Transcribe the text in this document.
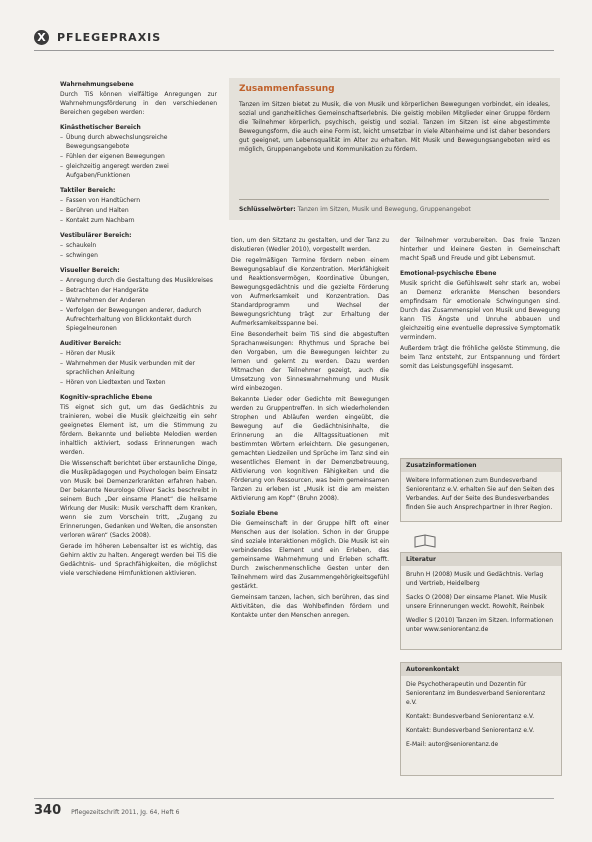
X PFLEGEPRAXIS
Wahrnehmungsebene

Durch TiS können vielfältige Anregungen zur Wahrnehmungsförderung in den verschiedenen Bereichen gegeben werden:

Kinästhetischer Bereich
– Übung durch abwechslungsreiche Bewegungsangebote
– Fühlen der eigenen Bewegungen
– gleichzeitig angeregt werden zwei Aufgaben/Funktionen
Taktiler Bereich:
– Fassen von Handtüchern
– Berühren und Halten
– Kontakt zum Nachbarn
Vestibulärer Bereich:
– schaukeln
– schwingen
Visueller Bereich:
– Anregung durch die Gestaltung des Musikkreises
– Betrachten der Handgeräte
– Wahrnehmen der Anderen
– Verfolgen der Bewegungen anderer, dadurch Aufrechterhaltung von Blickkontakt durch Spiegelneuronen
Auditiver Bereich:
– Hören der Musik
– Wahrnehmen der Musik verbunden mit der sprachlichen Anleitung
– Hören von Liedtexten und Texten
Kognitiv-sprachliche Ebene

TiS eignet sich gut, um das Gedächtnis zu trainieren, wobei die Musik gleichzeitig ein sehr geeignetes Element ist, um die Stimmung zu fördern. Bekannte und beliebte Melodien werden inhaltlich aktiviert, sodass Erinnerungen wach werden.

Die Wissenschaft berichtet über erstaunliche Dinge, die Musikpädagogen und Psychologen beim Einsatz von Musik bei Demenzerkrankten erfahren haben. Der bekannte Neurologe Oliver Sacks beschreibt in seinem Buch „Der einsame Planet“ die heilsame Wirkung der Musik: Musik verschafft dem Kranken, wenn sie zum Vorschein tritt, „Zugang zu Erinnerungen, Gedanken und Welten, die ansonsten verloren wären“ (Sacks 2008).

Gerade im höheren Lebensalter ist es wichtig, das Gehirn aktiv zu halten. Angeregt werden bei TiS die Gedächtnis- und Sprachfähigkeiten, die möglichst viele verschiedene Hirnfunktionen aktivieren.

Zusammenfassung

Tanzen im Sitzen bietet zu Musik, die von Musik und körperlichen Bewegungen vorbindet, ein ideales, sozial und ganzheitliches Gemeinschaftserlebnis. Die geistig mobilen Mitglieder einer Gruppe fördern die Teilnehmer körperlich, psychisch, geistig und sozial. Tanzen im Sitzen ist eine abgestimmte Bewegungsform, die auch eine Form ist, leicht umsetzbar in viele Altenheime und ist daher besonders gut geeignet, um Lebensqualität im Alter zu erhalten. Mit Musik und Bewegungsangeboten wird es möglich, Gruppenangebote und Kommunikation zu fördern.

Schlüsselwörter: Tanzen im Sitzen, Musik und Bewegung, Gruppenangebot

tion, um den Sitztanz zu gestalten, und der Tanz zu diskutieren (Wedler 2010), vorgestellt werden.

Die regelmäßigen Termine fördern neben einem Bewegungsablauf die Konzentration. Merkfähigkeit und Reaktionsvermögen, Koordinative Übungen, Bewegungsgedächtnis und die gezielte Förderung von Aufmerksamkeit und Konzentration. Das Standardprogramm und Wechsel der Bewegungsrichtung trägt zur Erhaltung der Aufmerksamkeitsspanne bei.

Eine Besonderheit beim TiS sind die abgestuften Sprachanweisungen: Rhythmus und Sprache bei den Vorgaben, um die Bewegungen leichter zu lernen und gelernt zu werden. Dazu werden Mitmachen der Teilnehmer gezeigt, auch die Umsetzung von Sinneswahrnehmung und Musik wird einbezogen.

Bekannte Lieder oder Gedichte mit Bewegungen werden zu Gruppentreffen. In sich wiederholenden Strophen und Abläufen werden eingeübt, die Bewegung auf die Gedächtnisinhalte, die Erinnerung an die Alltagssituationen mit bestimmten Wörtern erleichtern. Die gesungenen, gemachten Liedzeilen und Sprüche im Tanz sind ein wesentliches Element in der Demenzbetreuung, Aktivierung von kognitiven Fähigkeiten und die Förderung von Ressourcen, was beim gemeinsamen Tanzen zu erleben ist „Musik ist die am meisten Aktivierung am Kopf“ (Bruhn 2008).

Soziale Ebene

Die Gemeinschaft in der Gruppe hilft oft einer Menschen aus der Isolation. Schon in der Gruppe sind soziale Interaktionen möglich. Die Musik ist ein verbindendes Element und ein Erleben, das gemeinsame Wahrnehmung und Erleben schafft. Durch zwischenmenschliche Gesten unter den Teilnehmern wird das Zusammengehörigkeitsgefühl gestärkt.

Gemeinsam tanzen, lachen, sich berühren, das sind Aktivitäten, die das Wohlbefinden fördern und Kontakte unter den Menschen anregen.

der Teilnehmer vorzubereiten. Das freie Tanzen hinterher und kleinere Gesten in Gemeinschaft macht Spaß und Freude und gibt Lebensmut.

Emotional-psychische Ebene

Musik spricht die Gefühlswelt sehr stark an, wobei an Demenz erkrankte Menschen besonders empfindsam für emotionale Schwingungen sind. Durch das Zusammenspiel von Musik und Bewegung kann TiS Ängste und Unruhe abbauen und gleichzeitig eine eventuelle depressive Symptomatik vermindern.

Außerdem trägt die fröhliche gelöste Stimmung, die beim Tanz entsteht, zur Entspannung und fördert somit das Leistungsgefühl insgesamt.

Zusatzinformationen
Weitere Informationen zum Bundesverband Seniorentanz e.V. erhalten Sie auf den Seiten des Verbandes. Auf der Seite des Bundesverbandes finden Sie auch Ansprechpartner in Ihrer Region.
Literatur
Bruhn H (2008) Musik und Gedächtnis. Verlag und Vertrieb, Heidelberg
Sacks O (2008) Der einsame Planet. Wie Musik unsere Erinnerungen weckt. Rowohlt, Reinbek
Wedler S (2010) Tanzen im Sitzen. Informationen unter www.seniorentanz.de
Autorenkontakt
Die Psychotherapeutin und Dozentin für Seniorentanz im Bundesverband Seniorentanz e.V.
Kontakt: Bundesverband Seniorentanz e.V.
Kontakt: Bundesverband Seniorentanz e.V.
E-Mail: autor@seniorentanz.de
340 Pflegezeitschrift 2011, Jg. 64, Heft 6
